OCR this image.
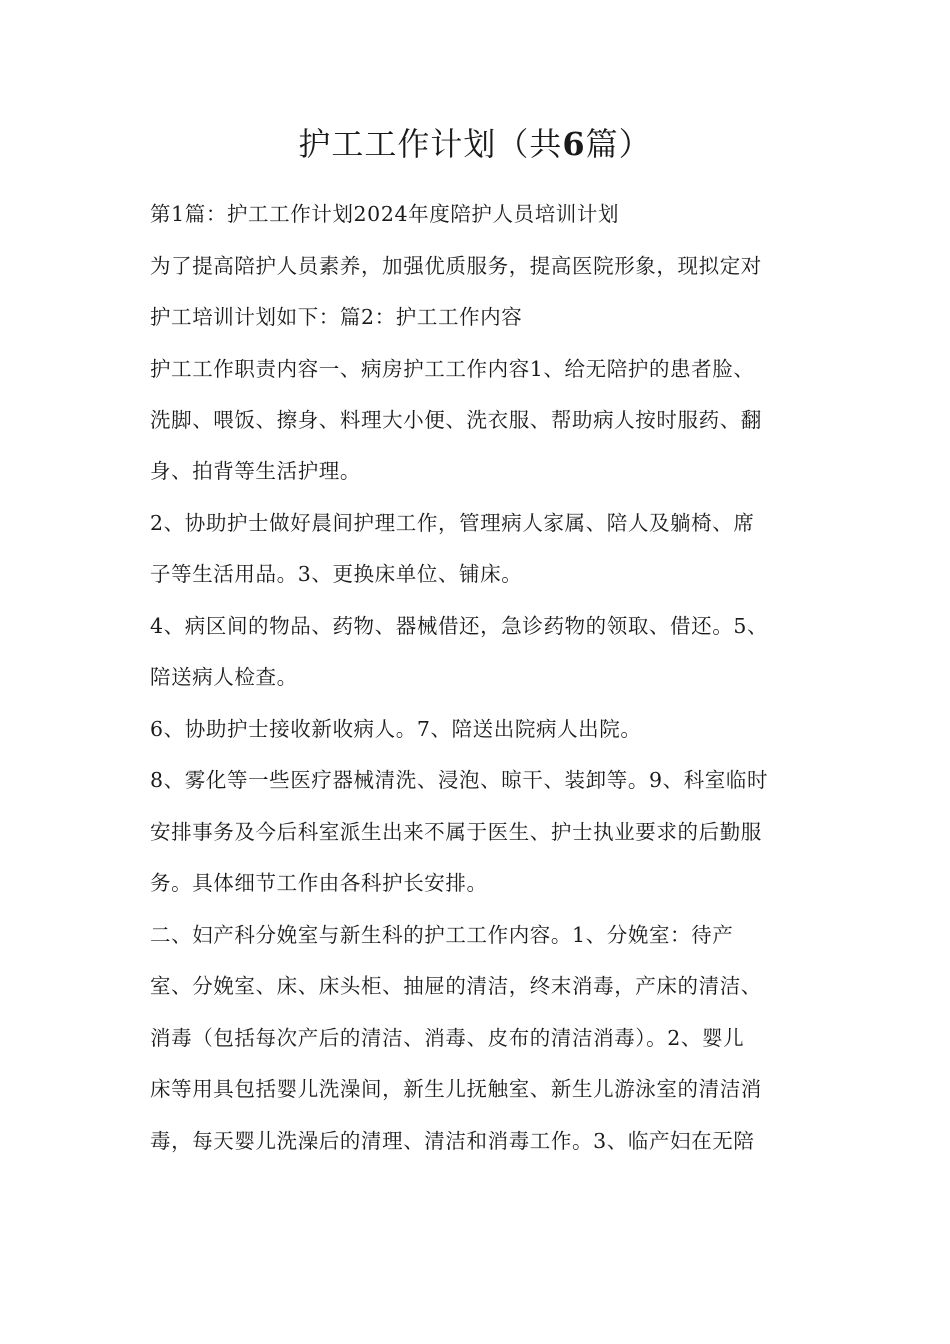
护工工作计划（共6篇）
第1篇：护工工作计划2024年度陪护人员培训计划
为了提高陪护人员素养，加强优质服务，提高医院形象，现拟定对
护工培训计划如下：篇2：护工工作内容
护工工作职责内容一、病房护工工作内容1、给无陪护的患者脸、
洗脚、喂饭、擦身、料理大小便、洗衣服、帮助病人按时服药、翻
身、拍背等生活护理。
2、协助护士做好晨间护理工作，管理病人家属、陪人及躺椅、席
子等生活用品。3、更换床单位、铺床。
4、病区间的物品、药物、器械借还，急诊药物的领取、借还。5、
陪送病人检查。
6、协助护士接收新收病人。7、陪送出院病人出院。
8、雾化等一些医疗器械清洗、浸泡、晾干、装卸等。9、科室临时
安排事务及今后科室派生出来不属于医生、护士执业要求的后勤服
务。具体细节工作由各科护长安排。
二、妇产科分娩室与新生科的护工工作内容。1、分娩室：待产
室、分娩室、床、床头柜、抽屉的清洁，终末消毒，产床的清洁、
消毒（包括每次产后的清洁、消毒、皮布的清洁消毒）。2、婴儿
床等用具包括婴儿洗澡间，新生儿抚触室、新生儿游泳室的清洁消
毒，每天婴儿洗澡后的清理、清洁和消毒工作。3、临产妇在无陪
